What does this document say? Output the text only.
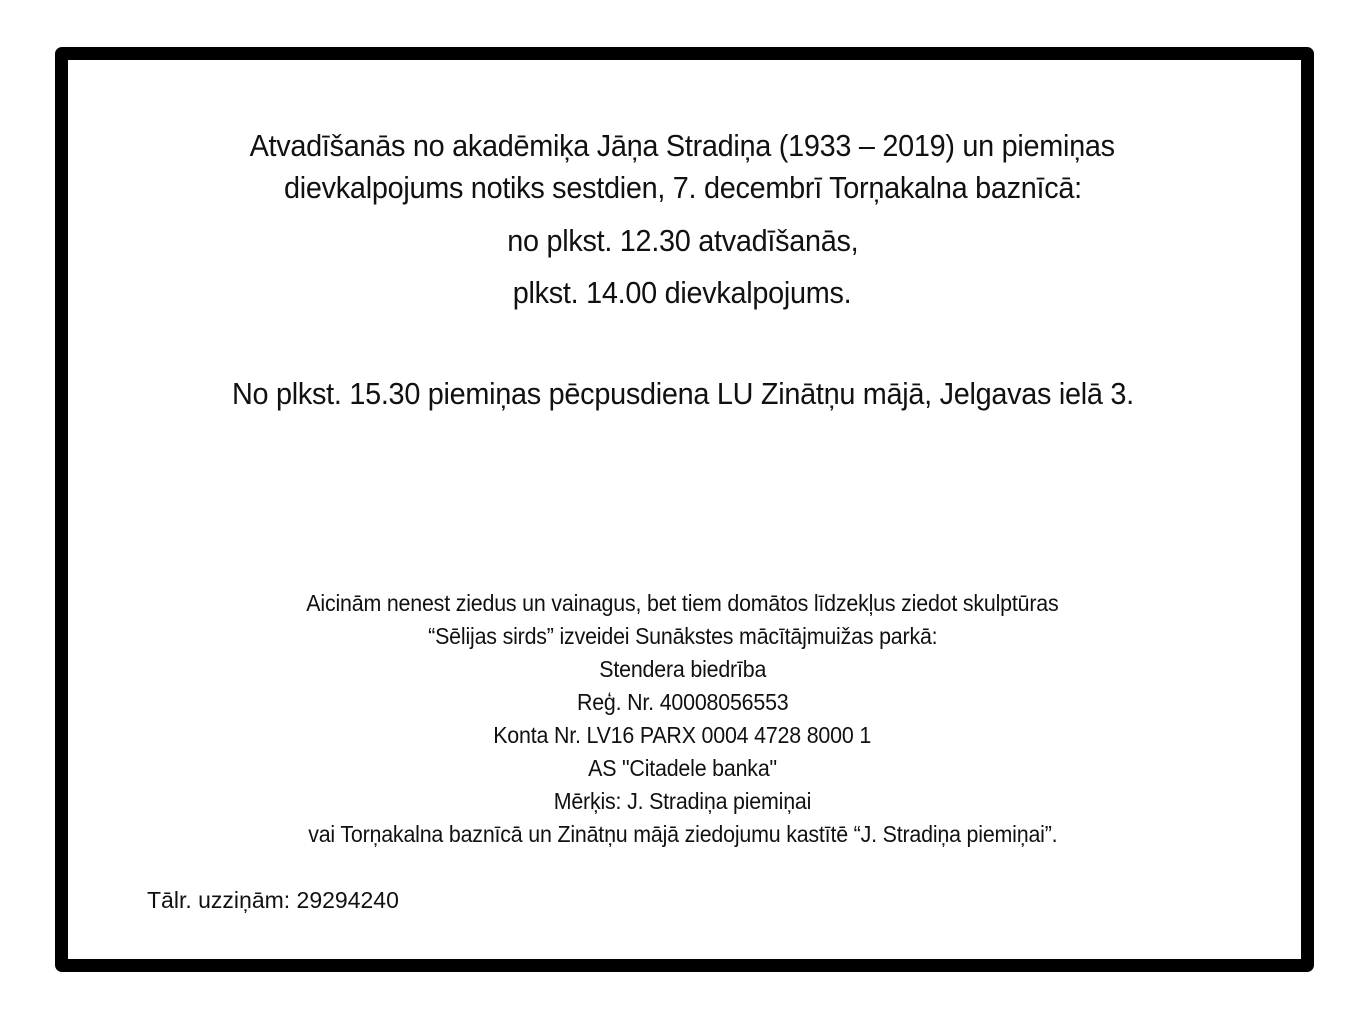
Atvadīšanās no akadēmiķa Jāņa Stradiņa (1933 – 2019) un piemiņas
dievkalpojums notiks sestdien, 7. decembrī Torņakalna baznīcā:
no plkst. 12.30 atvadīšanās,
plkst. 14.00 dievkalpojums.
No plkst. 15.30 piemiņas pēcpusdiena LU Zinātņu mājā, Jelgavas ielā 3.
Aicinām nenest ziedus un vainagus, bet tiem domātos līdzekļus ziedot skulptūras
“Sēlijas sirds” izveidei Sunākstes mācītājmuižas parkā:
Stendera biedrība
Reģ. Nr. 40008056553
Konta Nr. LV16 PARX 0004 4728 8000 1
AS "Citadele banka"
Mērķis: J. Stradiņa piemiņai
vai Torņakalna baznīcā un Zinātņu mājā ziedojumu kastītē “J. Stradiņa piemiņai”.
Tālr. uzziņām: 29294240
